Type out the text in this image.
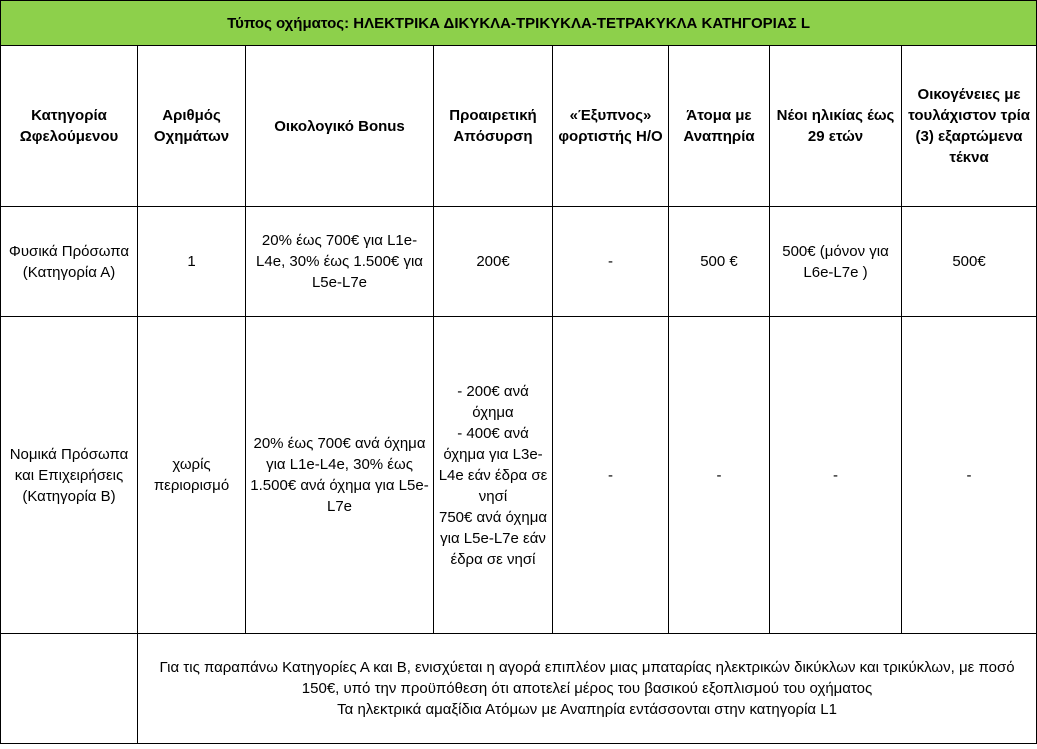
Τύπος οχήματος: ΗΛΕΚΤΡΙΚΑ ΔΙΚΥΚΛΑ-ΤΡΙΚΥΚΛΑ-ΤΕΤΡΑΚΥΚΛΑ ΚΑΤΗΓΟΡΙΑΣ L							
Κατηγορία Ωφελούμενου	Αριθμός Οχημάτων	Οικολογικό Bonus	Προαιρετική Απόσυρση	«Έξυπνος» φορτιστής Η/Ο	Άτομα με Αναπηρία	Νέοι ηλικίας έως 29 ετών	Οικογένειες με τουλάχιστον τρία (3) εξαρτώμενα τέκνα
Φυσικά Πρόσωπα (Κατηγορία Α)	1	20% έως 700€ για L1e-L4e, 30% έως 1.500€ για L5e-L7e	200€	-	500 €	500€ (μόνον για L6e-L7e )	500€
Νομικά Πρόσωπα και Επιχειρήσεις (Κατηγορία Β)	χωρίς περιορισμό	20% έως 700€ ανά όχημα για L1e-L4e, 30% έως 1.500€ ανά όχημα για L5e-L7e	- 200€ ανά όχημα
- 400€ ανά όχημα για L3e-L4e εάν έδρα σε νησί
750€ ανά όχημα για L5e-L7e εάν έδρα σε νησί	-	-	-	-

	Για τις παραπάνω Κατηγορίες Α και Β, ενισχύεται η αγορά επιπλέον μιας μπαταρίας ηλεκτρικών δικύκλων και τρικύκλων, με ποσό 150€, υπό την προϋπόθεση ότι αποτελεί μέρος του βασικού εξοπλισμού του οχήματος
Τα ηλεκτρικά αμαξίδια Ατόμων με Αναπηρία εντάσσονται στην κατηγορία L1						
